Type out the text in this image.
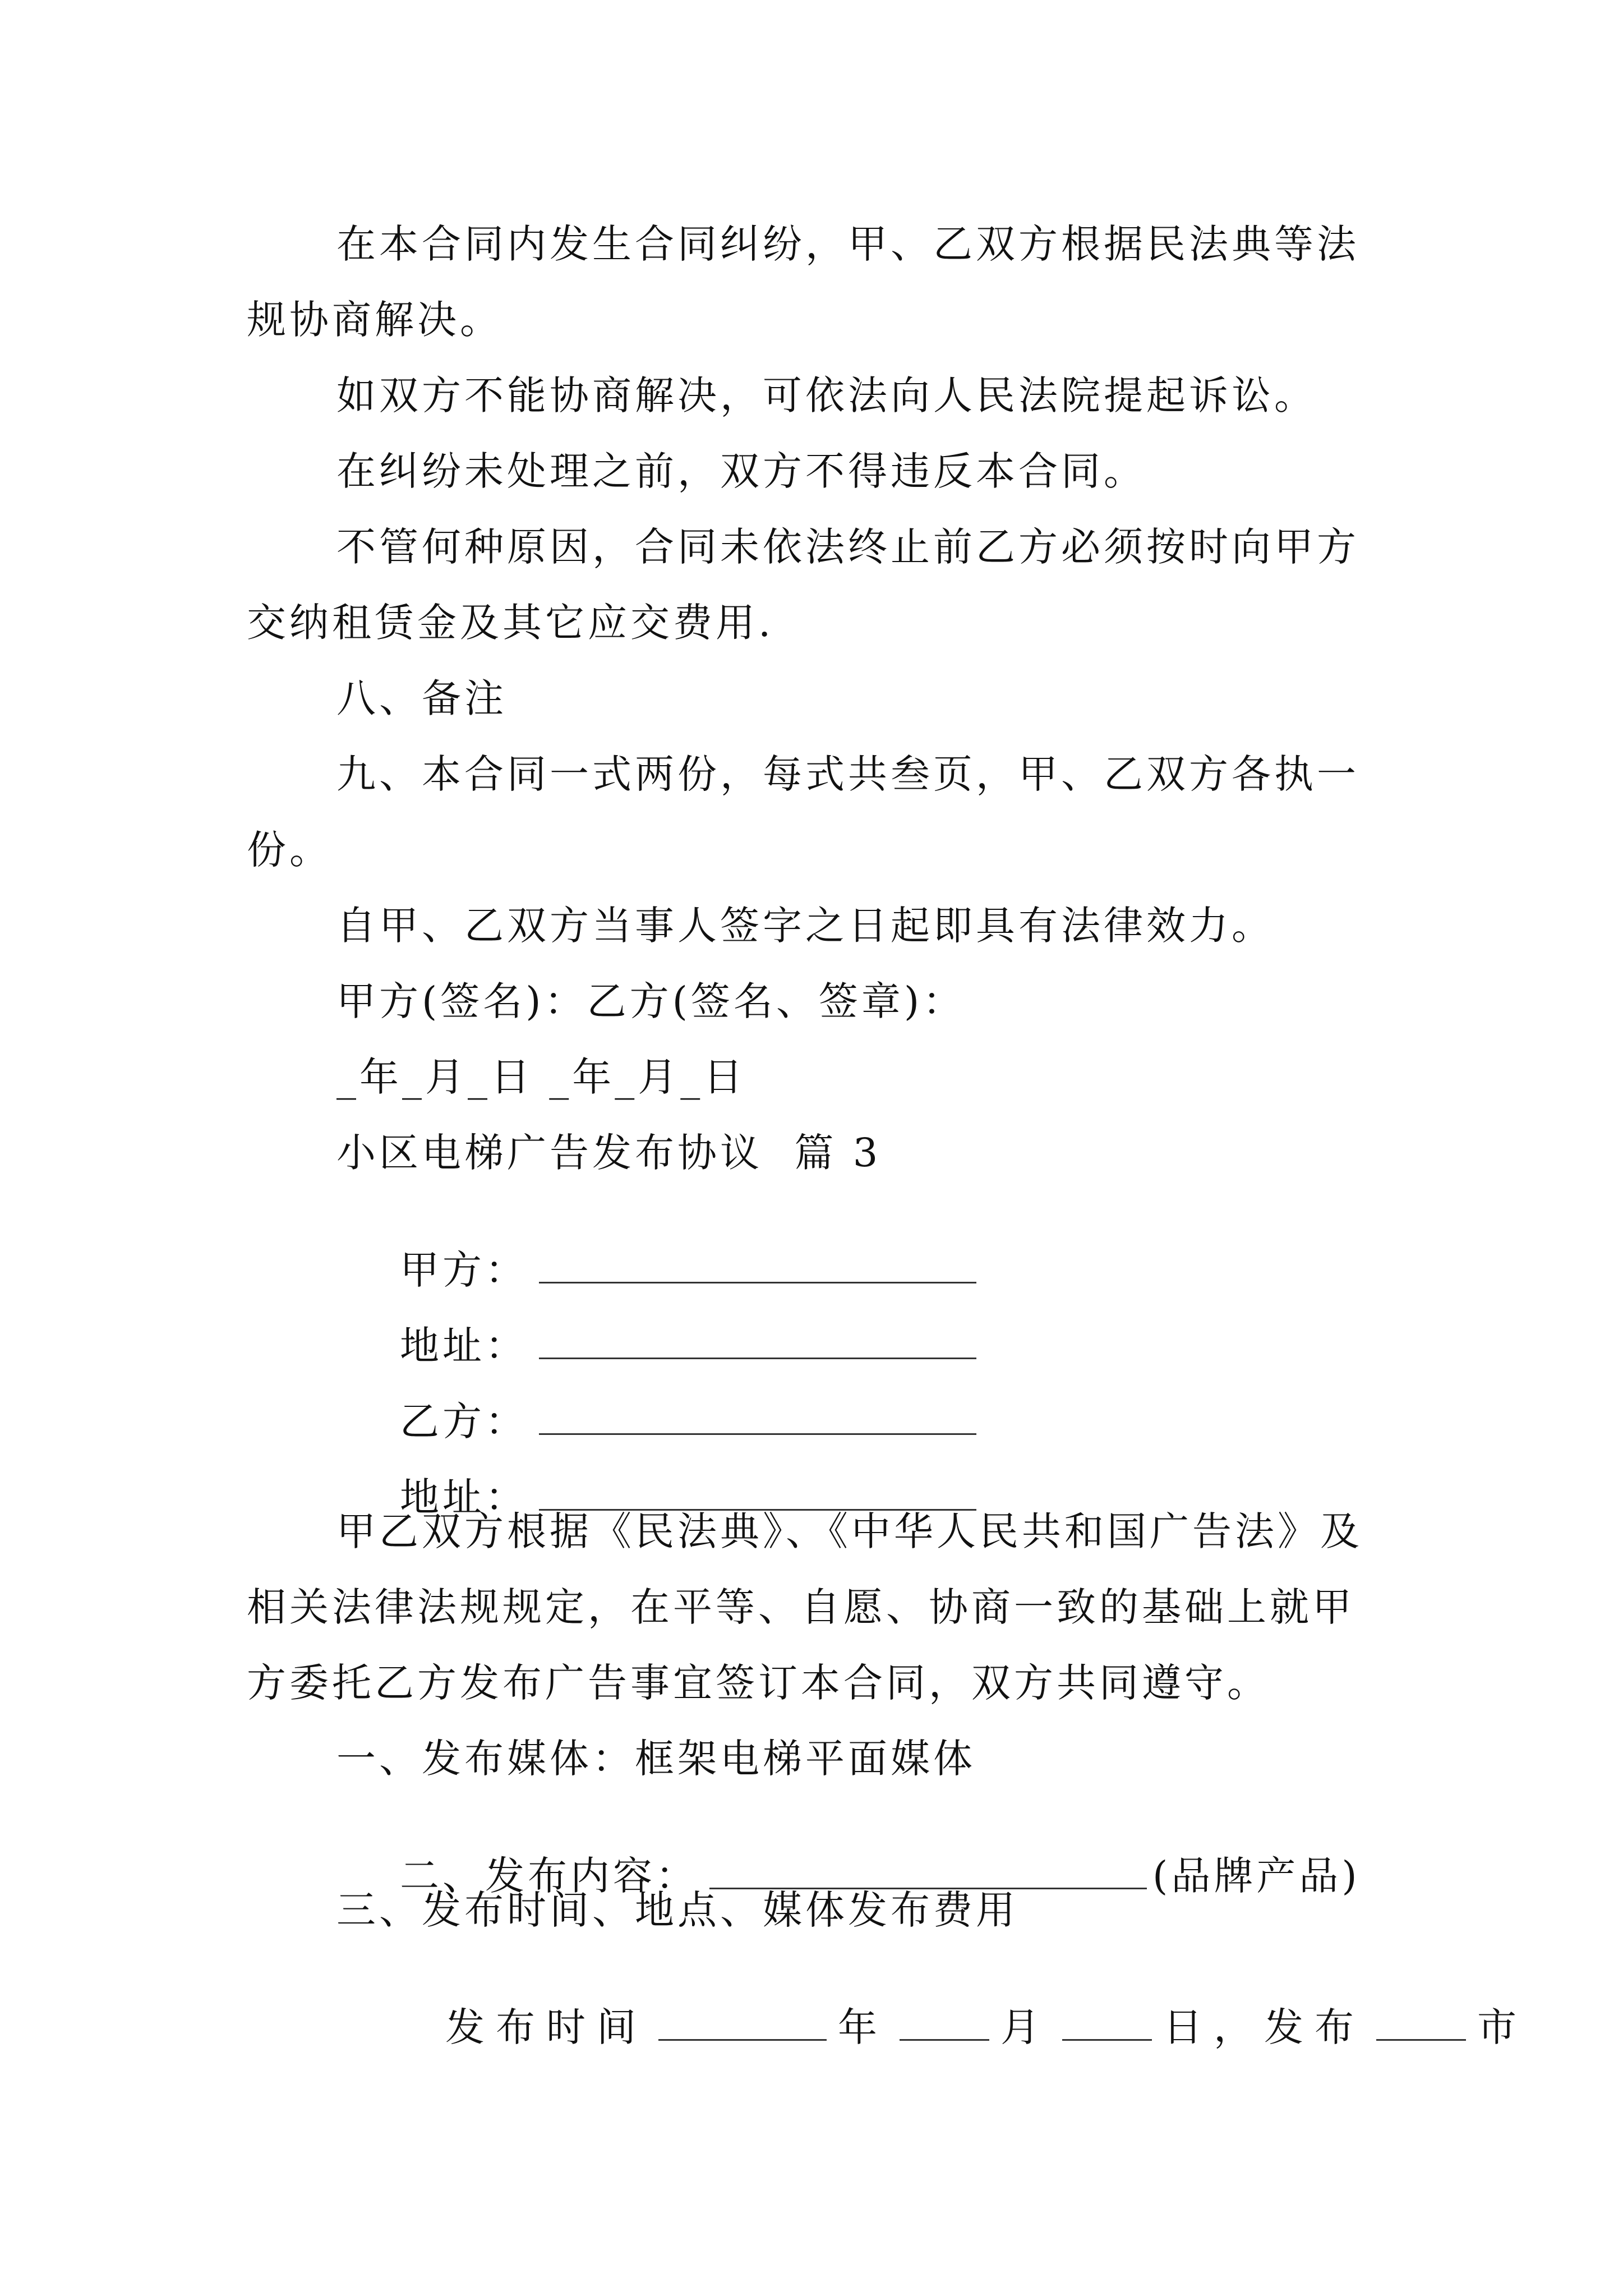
在本合同内发生合同纠纷，甲、乙双方根据民法典等法
规协商解决。
如双方不能协商解决，可依法向人民法院提起诉讼。
在纠纷未处理之前，双方不得违反本合同。
不管何种原因，合同未依法终止前乙方必须按时向甲方
交纳租赁金及其它应交费用.
八、备注
九、本合同一式两份，每式共叁页，甲、乙双方各执一
份。
自甲、乙双方当事人签字之日起即具有法律效力。
甲方(签名)：乙方(签名、签章)：
_年_月_日 _年_月_日
小区电梯广告发布协议  篇 3

甲方：

地址：

乙方：

地址：

甲乙双方根据《民法典》、《中华人民共和国广告法》及
相关法律法规规定，在平等、自愿、协商一致的基础上就甲
方委托乙方发布广告事宜签订本合同，双方共同遵守。
一、发布媒体：框架电梯平面媒体

二、发布内容：	(品牌产品)

三、发布时间、地点、媒体发布费用

发布时间	年	月	日，发布	市
